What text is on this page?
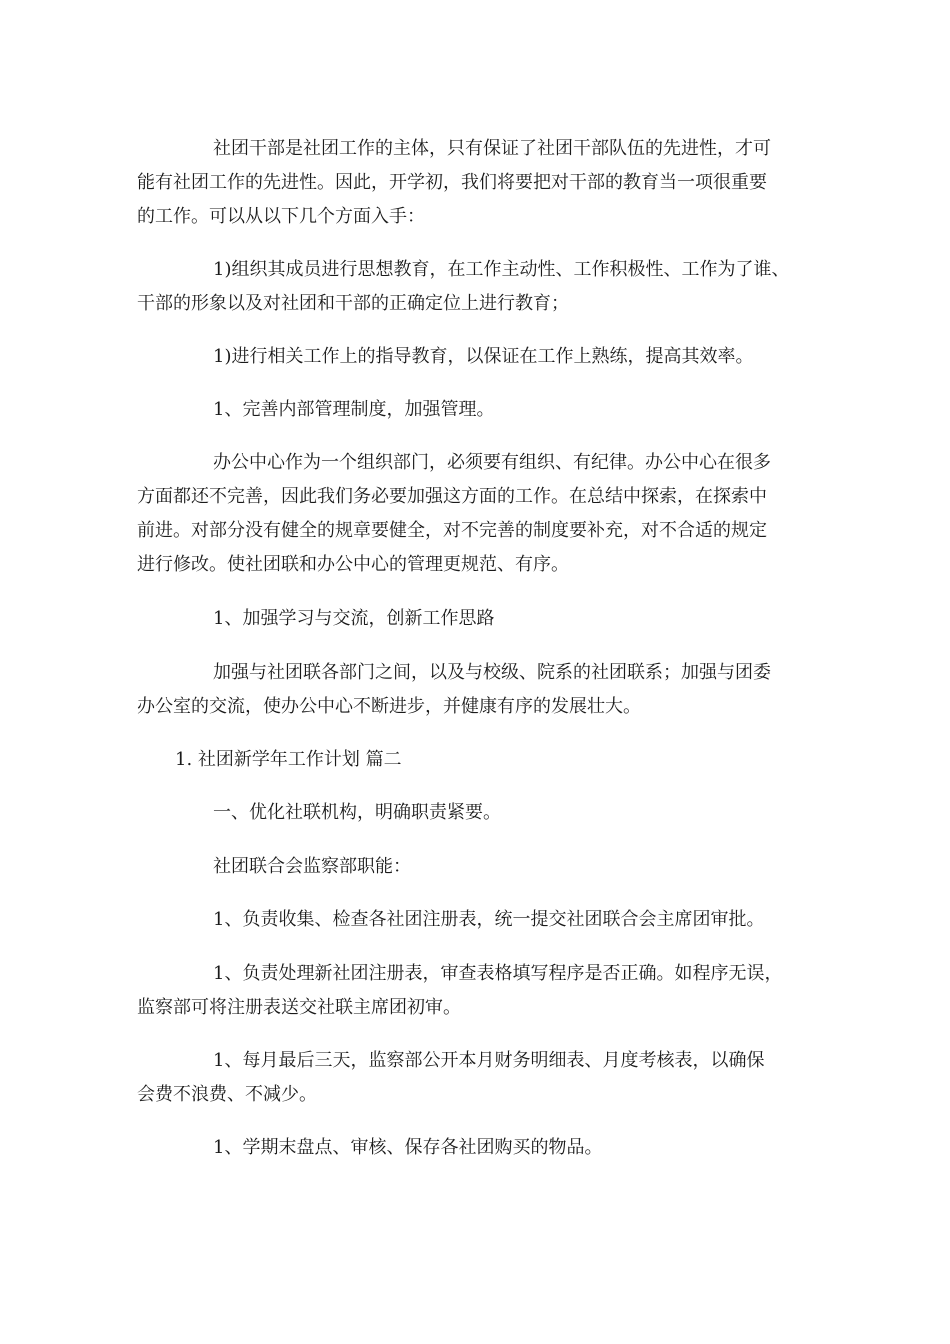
社团干部是社团工作的主体，只有保证了社团干部队伍的先进性，才可
能有社团工作的先进性。因此，开学初，我们将要把对干部的教育当一项很重要
的工作。可以从以下几个方面入手：
1)组织其成员进行思想教育，在工作主动性、工作积极性、工作为了谁、
干部的形象以及对社团和干部的正确定位上进行教育；
1)进行相关工作上的指导教育，以保证在工作上熟练，提高其效率。
1、完善内部管理制度，加强管理。
办公中心作为一个组织部门，必须要有组织、有纪律。办公中心在很多
方面都还不完善，因此我们务必要加强这方面的工作。在总结中探索，在探索中
前进。对部分没有健全的规章要健全，对不完善的制度要补充，对不合适的规定
进行修改。使社团联和办公中心的管理更规范、有序。
1、加强学习与交流，创新工作思路
加强与社团联各部门之间，以及与校级、院系的社团联系；加强与团委
办公室的交流，使办公中心不断进步，并健康有序的发展壮大。
1. 社团新学年工作计划 篇二
一、优化社联机构，明确职责紧要。
社团联合会监察部职能：
1、负责收集、检查各社团注册表，统一提交社团联合会主席团审批。
1、负责处理新社团注册表，审查表格填写程序是否正确。如程序无误，
监察部可将注册表送交社联主席团初审。
1、每月最后三天，监察部公开本月财务明细表、月度考核表，以确保
会费不浪费、不减少。
1、学期末盘点、审核、保存各社团购买的物品。
